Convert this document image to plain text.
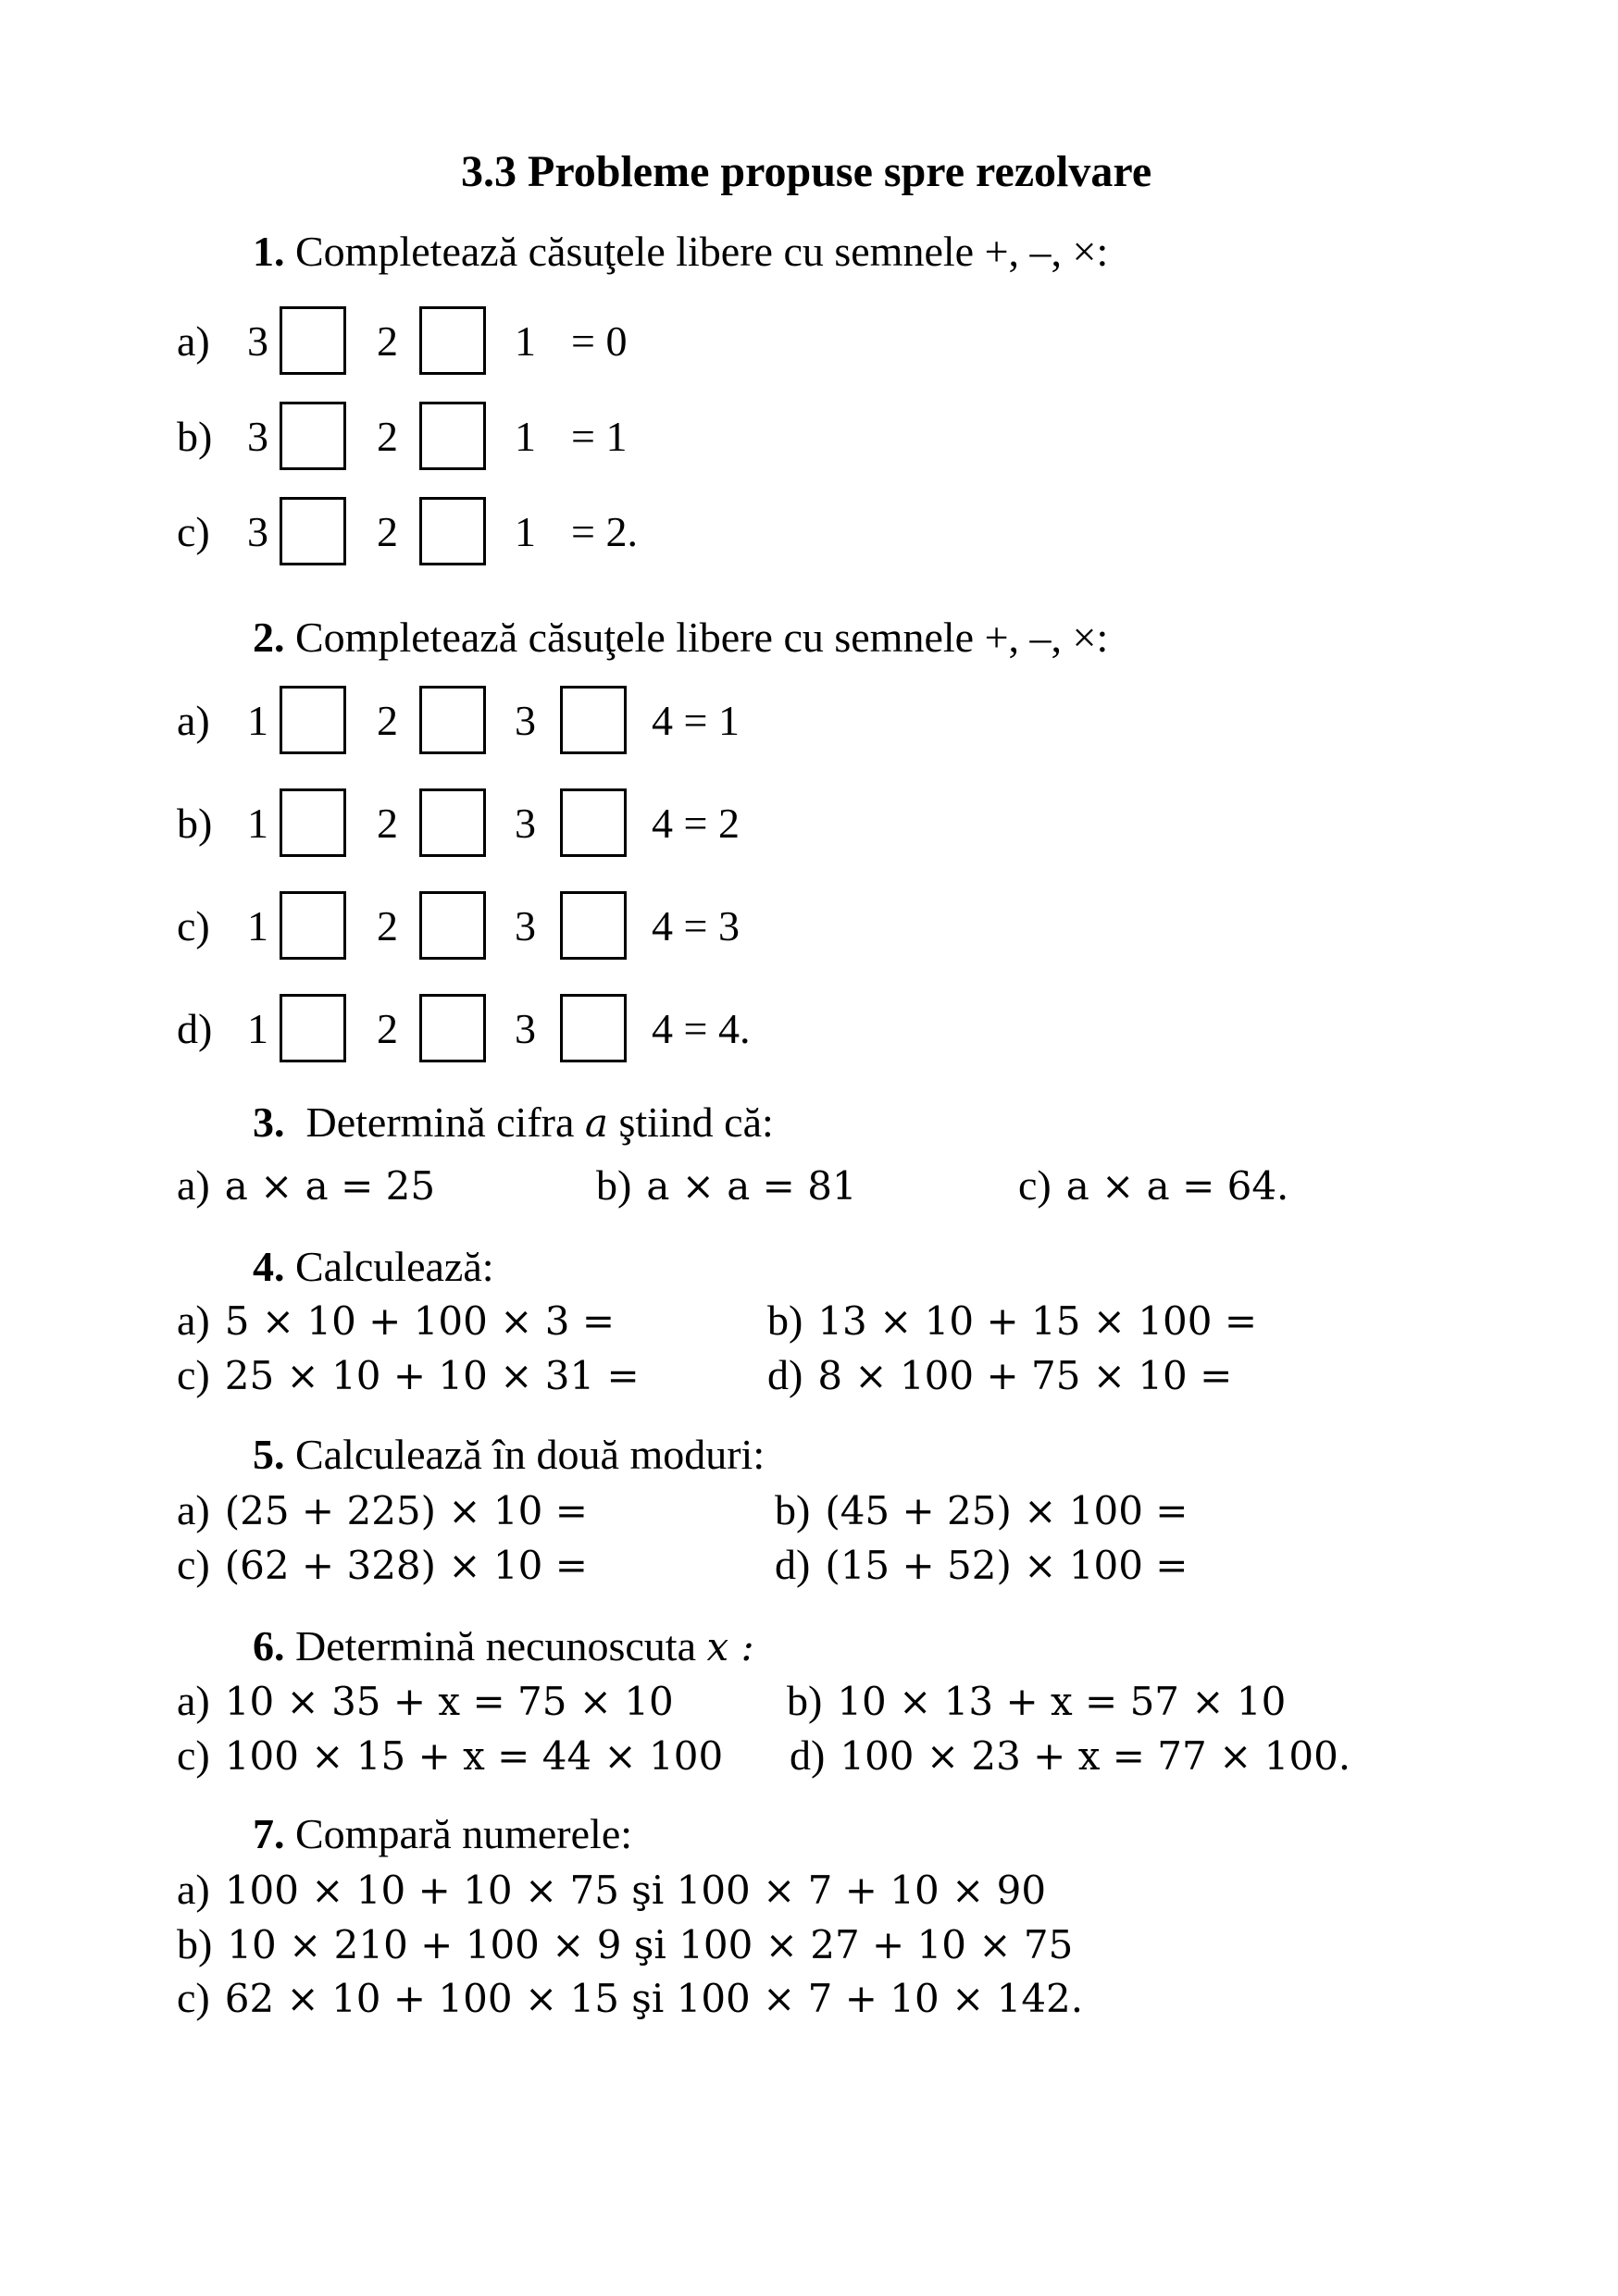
3.3 Probleme propuse spre rezolvare
1. Completează căsuţele libere cu semnele +, –, ×:
a) 3	2	1 = 0
b) 3	2	1 = 1
c) 3	2	1 = 2.
2. Completează căsuţele libere cu semnele +, –, ×:
a) 1	2	3	4 = 1
b) 1	2	3	4 = 2
c) 1	2	3	4 = 3
d) 1	2	3	4 = 4.
3. Determină cifra a ştiind că:
4. Calculează:
5. Calculează în două moduri:
6. Determină necunoscuta x :
7. Compară numerele:
a) a × a = 25	b) a × a = 81	c) a × a = 64.
a) 5 × 10 + 100 × 3 =	b) 13 × 10 + 15 × 100 =
c) 25 × 10 + 10 × 31 =	d) 8 × 100 + 75 × 10 =
a) (25 + 225) × 10 =	b) (45 + 25) × 100 =
c) (62 + 328) × 10 =	d) (15 + 52) × 100 =
a) 10 × 35 + x = 75 × 10	b) 10 × 13 + x = 57 × 10
c) 100 × 15 + x = 44 × 100 d) 100 × 23 + x = 77 × 100.
a) 100 × 10 + 10 × 75 şi 100 × 7 + 10 × 90
b) 10 × 210 + 100 × 9 şi 100 × 27 + 10 × 75
c) 62 × 10 + 100 × 15 şi 100 × 7 + 10 × 142.
